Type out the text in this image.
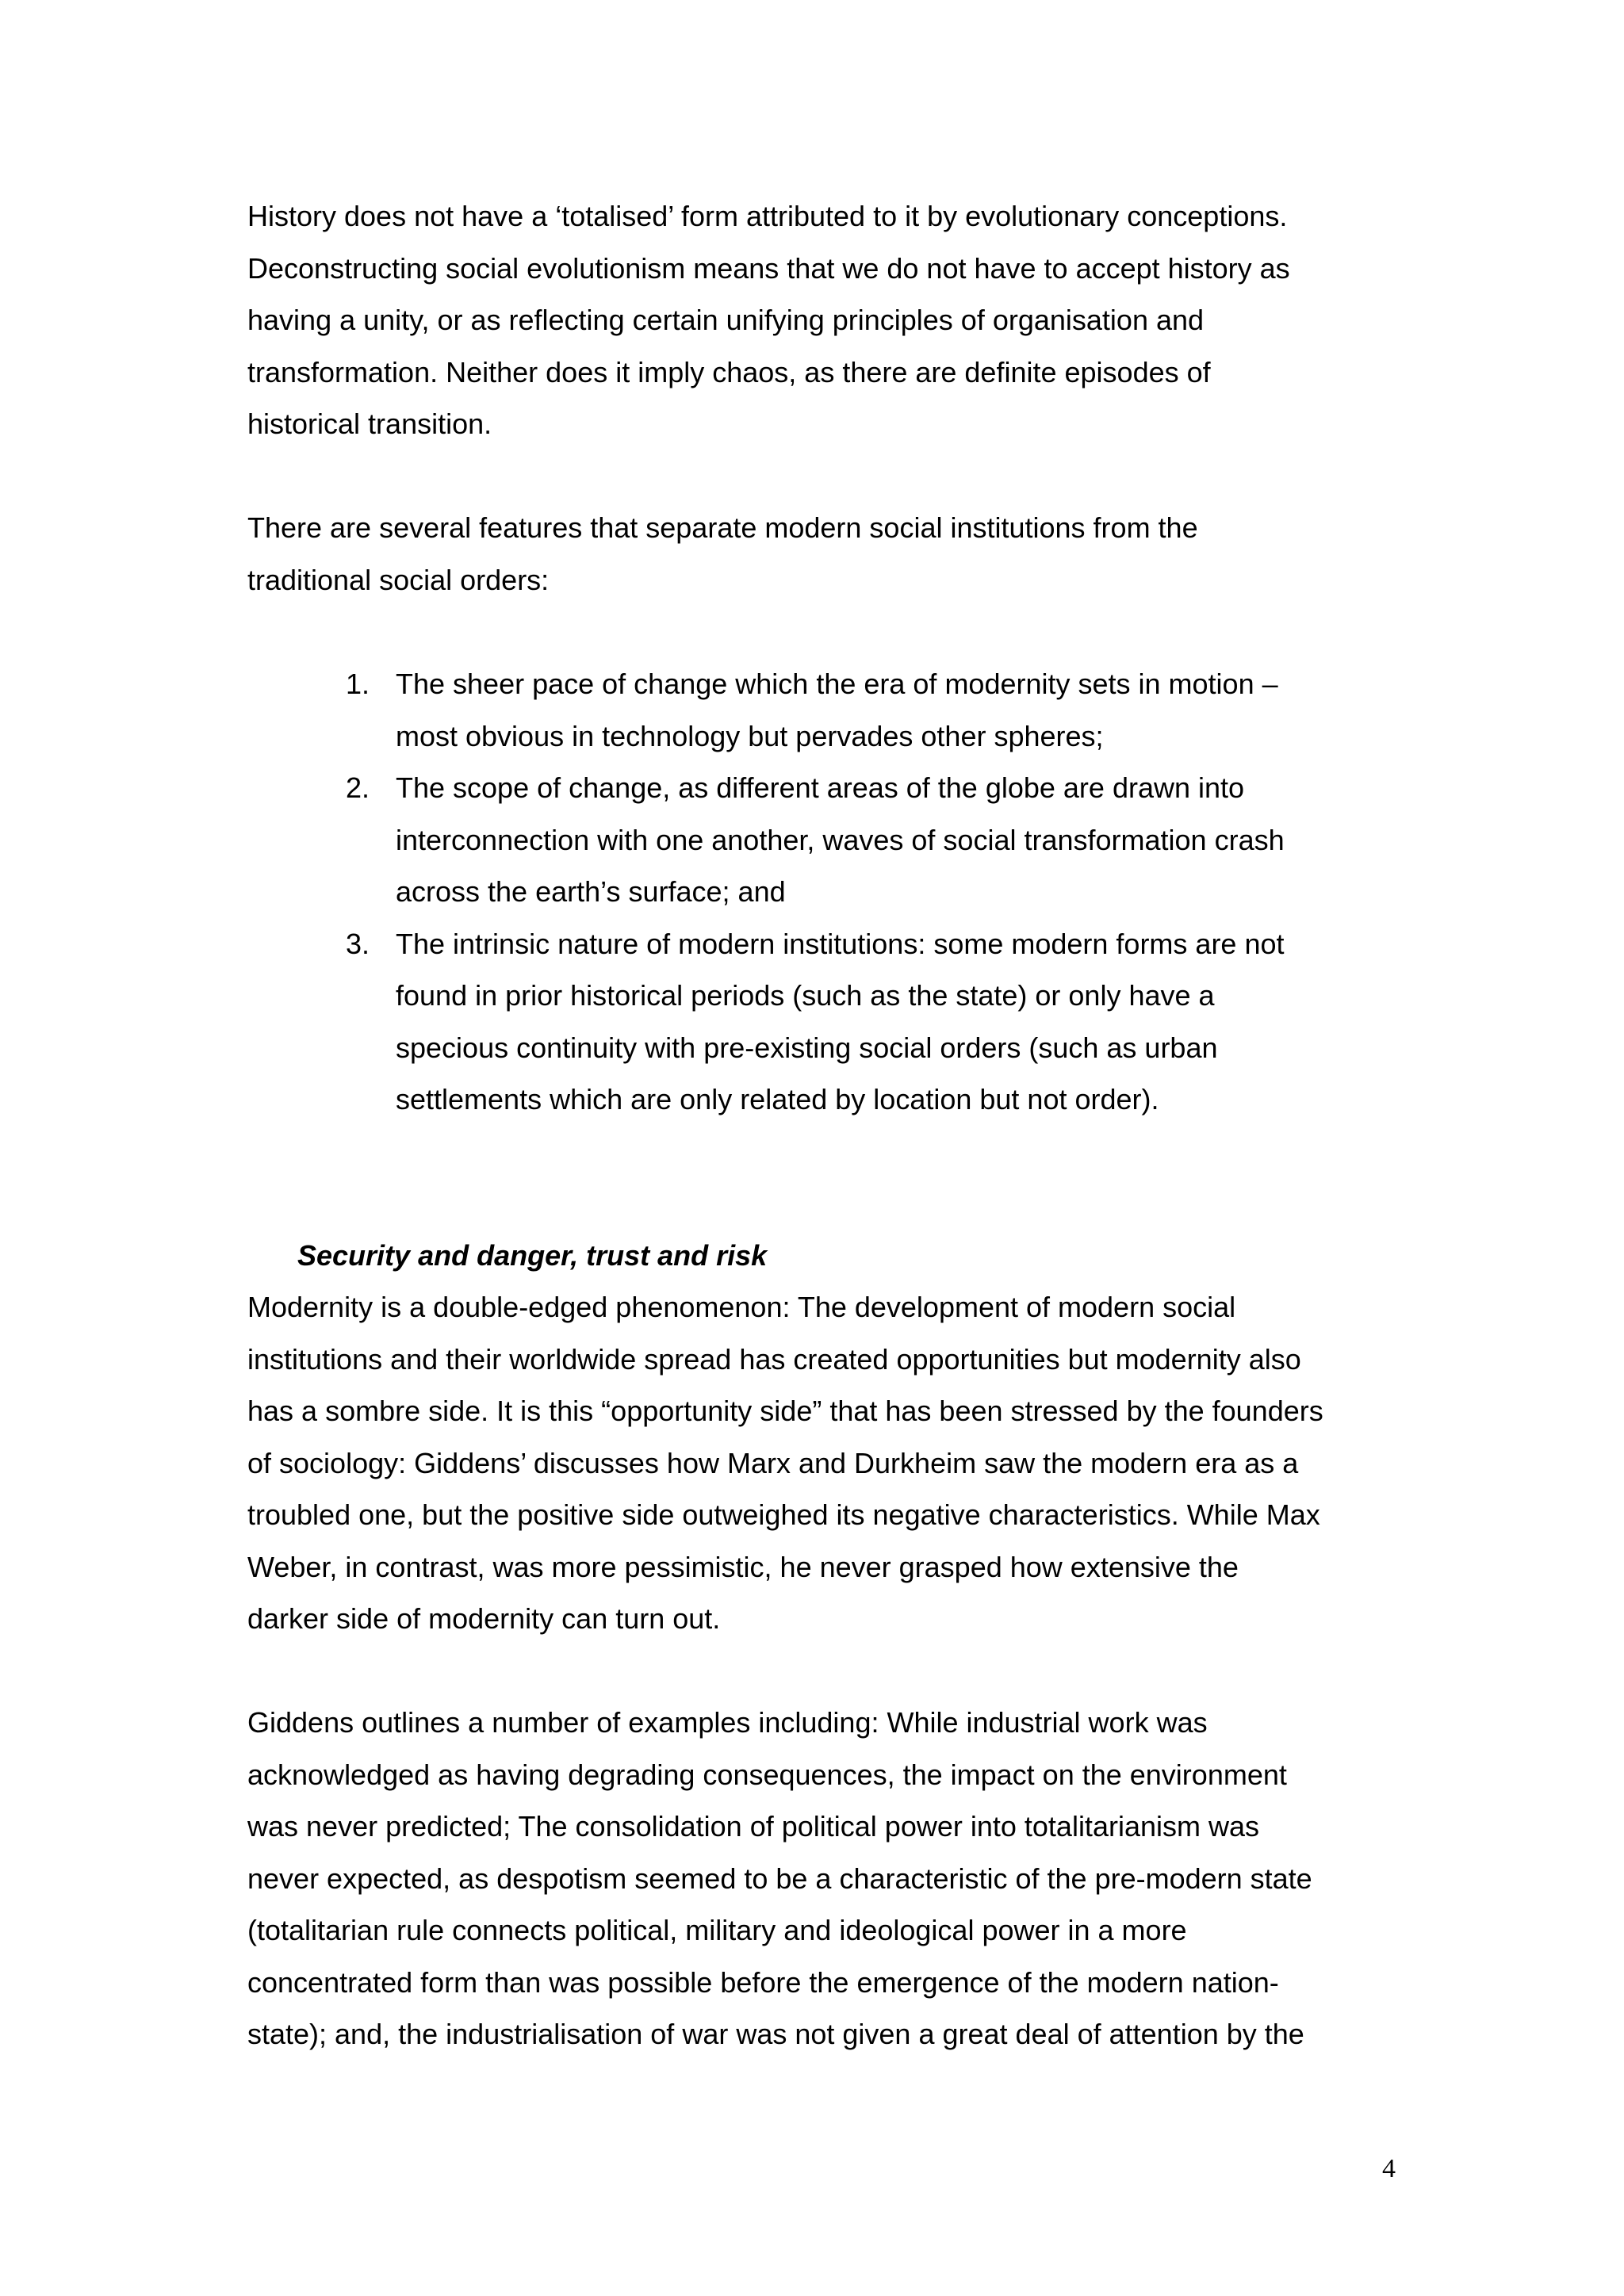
History does not have a ‘totalised’ form attributed to it by evolutionary conceptions.
Deconstructing social evolutionism means that we do not have to accept history as
having a unity, or as reflecting certain unifying principles of organisation and
transformation. Neither does it imply chaos, as there are definite episodes of
historical transition.
There are several features that separate modern social institutions from the
traditional social orders:
1. The sheer pace of change which the era of modernity sets in motion –
most obvious in technology but pervades other spheres;
2. The scope of change, as different areas of the globe are drawn into
interconnection with one another, waves of social transformation crash
across the earth’s surface; and
3. The intrinsic nature of modern institutions: some modern forms are not
found in prior historical periods (such as the state) or only have a
specious continuity with pre-existing social orders (such as urban
settlements which are only related by location but not order).
Security and danger, trust and risk
Modernity is a double-edged phenomenon: The development of modern social
institutions and their worldwide spread has created opportunities but modernity also
has a sombre side. It is this “opportunity side” that has been stressed by the founders
of sociology: Giddens’ discusses how Marx and Durkheim saw the modern era as a
troubled one, but the positive side outweighed its negative characteristics. While Max
Weber, in contrast, was more pessimistic, he never grasped how extensive the
darker side of modernity can turn out.
Giddens outlines a number of examples including: While industrial work was
acknowledged as having degrading consequences, the impact on the environment
was never predicted; The consolidation of political power into totalitarianism was
never expected, as despotism seemed to be a characteristic of the pre-modern state
(totalitarian rule connects political, military and ideological power in a more
concentrated form than was possible before the emergence of the modern nation-
state); and, the industrialisation of war was not given a great deal of attention by the
4
